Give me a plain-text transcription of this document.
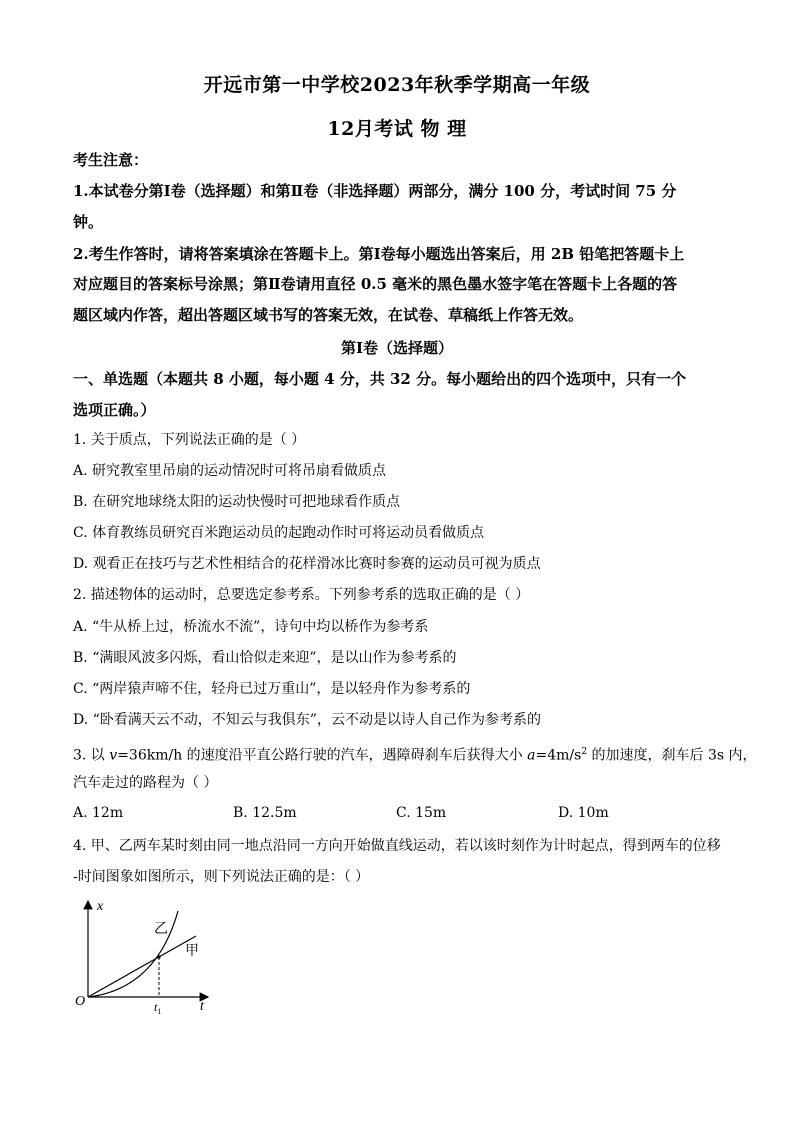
开远市第一中学校2023年秋季学期高一年级
12月考试 物 理
考生注意：
1.本试卷分第Ⅰ卷（选择题）和第Ⅱ卷（非选择题）两部分，满分 100 分，考试时间 75 分
钟。
2.考生作答时，请将答案填涂在答题卡上。第Ⅰ卷每小题选出答案后，用 2B 铅笔把答题卡上
对应题目的答案标号涂黑；第Ⅱ卷请用直径 0.5 毫米的黑色墨水签字笔在答题卡上各题的答
题区域内作答，超出答题区域书写的答案无效，在试卷、草稿纸上作答无效。
第Ⅰ卷（选择题）
一、单选题（本题共 8 小题，每小题 4 分，共 32 分。每小题给出的四个选项中，只有一个
选项正确。）
1. 关于质点，下列说法正确的是（ ）
A. 研究教室里吊扇的运动情况时可将吊扇看做质点
B. 在研究地球绕太阳的运动快慢时可把地球看作质点
C. 体育教练员研究百米跑运动员的起跑动作时可将运动员看做质点
D. 观看正在技巧与艺术性相结合的花样滑冰比赛时参赛的运动员可视为质点
2. 描述物体的运动时，总要选定参考系。下列参考系的选取正确的是（ ）
A. “牛从桥上过，桥流水不流”，诗句中均以桥作为参考系
B. “满眼风波多闪烁，看山恰似走来迎”，是以山作为参考系的
C. “两岸猿声啼不住，轻舟已过万重山”，是以轻舟作为参考系的
D. “卧看满天云不动，不知云与我俱东”，云不动是以诗人自己作为参考系的
3. 以 v=36km/h 的速度沿平直公路行驶的汽车，遇障碍刹车后获得大小 $a=4m/s^2$ 的加速度，刹车后 3s 内，
汽车走过的路程为（ ）
A. 12m	B. 12.5m	C. 15m	D. 10m
4. 甲、乙两车某时刻由同一地点沿同一方向开始做直线运动，若以该时刻作为计时起点，得到两车的位移
-时间图象如图所示，则下列说法正确的是：（ ）
x
t
O
乙
甲
$t_1$
